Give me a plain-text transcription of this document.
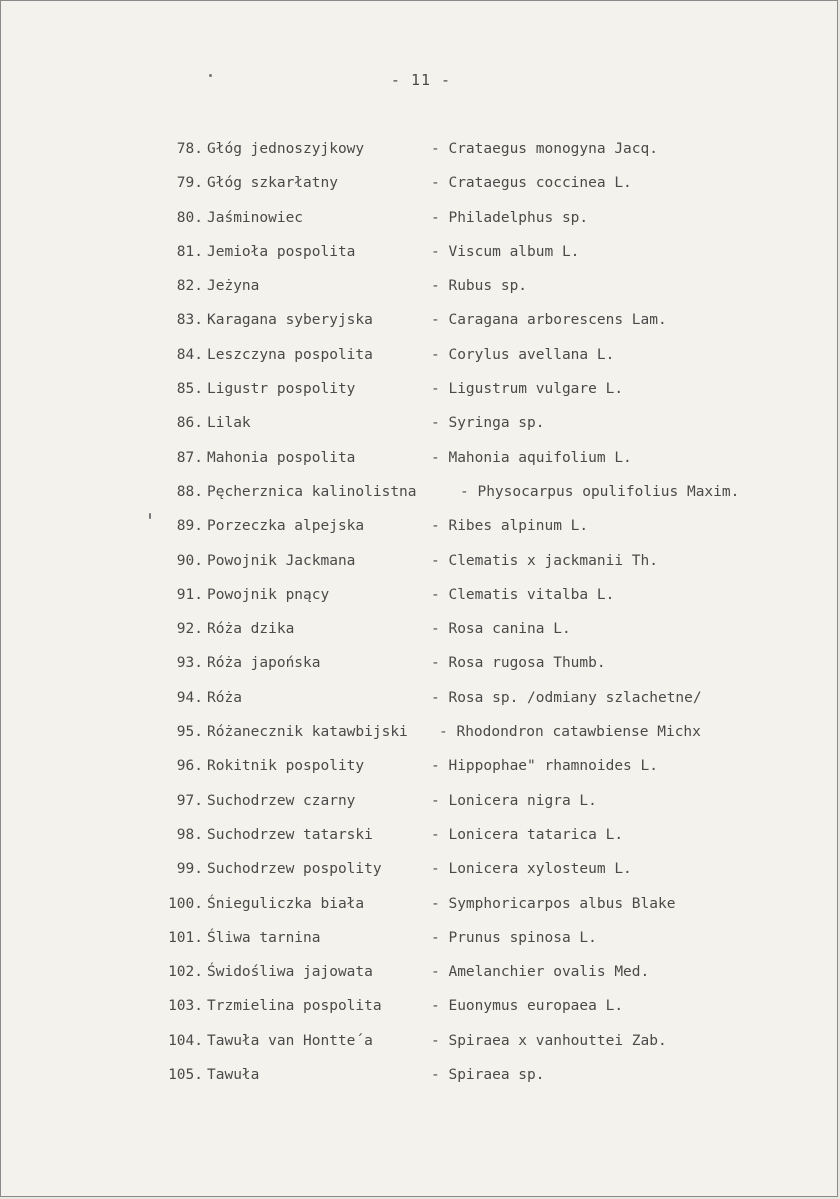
- 11 -
78. Głóg jednoszyjkowy	- Crataegus monogyna Jacq.
79. Głóg szkarłatny	- Crataegus coccinea L.
80. Jaśminowiec	- Philadelphus sp.
81. Jemioła pospolita	- Viscum album L.
82. Jeżyna	- Rubus sp.
83. Karagana syberyjska	- Caragana arborescens Lam.
84. Leszczyna pospolita	- Corylus avellana L.
85. Ligustr pospolity	- Ligustrum vulgare L.
86. Lilak	- Syringa sp.
87. Mahonia pospolita	- Mahonia aquifolium L.
88. Pęcherznica kalinolistna	- Physocarpus opulifolius Maxim.
89. Porzeczka alpejska	- Ribes alpinum L.
90. Powojnik Jackmana	- Clematis x jackmanii Th.
91. Powojnik pnący	- Clematis vitalba L.
92. Róża dzika	- Rosa canina L.
93. Róża japońska	- Rosa rugosa Thumb.
94. Róża	- Rosa sp. /odmiany szlachetne/
95. Różanecznik katawbijski - Rhodondron catawbiense Michx
96. Rokitnik pospolity	- Hippophae" rhamnoides L.
97. Suchodrzew czarny	- Lonicera nigra L.
98. Suchodrzew tatarski	- Lonicera tatarica L.
99. Suchodrzew pospolity	- Lonicera xylosteum L.
100. Śnieguliczka biała	- Symphoricarpos albus Blake
101. Śliwa tarnina	- Prunus spinosa L.
102. Świdośliwa jajowata	- Amelanchier ovalis Med.
103. Trzmielina pospolita	- Euonymus europaea L.
104. Tawuła van Hontte´a	- Spiraea x vanhouttei Zab.
105. Tawuła	- Spiraea sp.
